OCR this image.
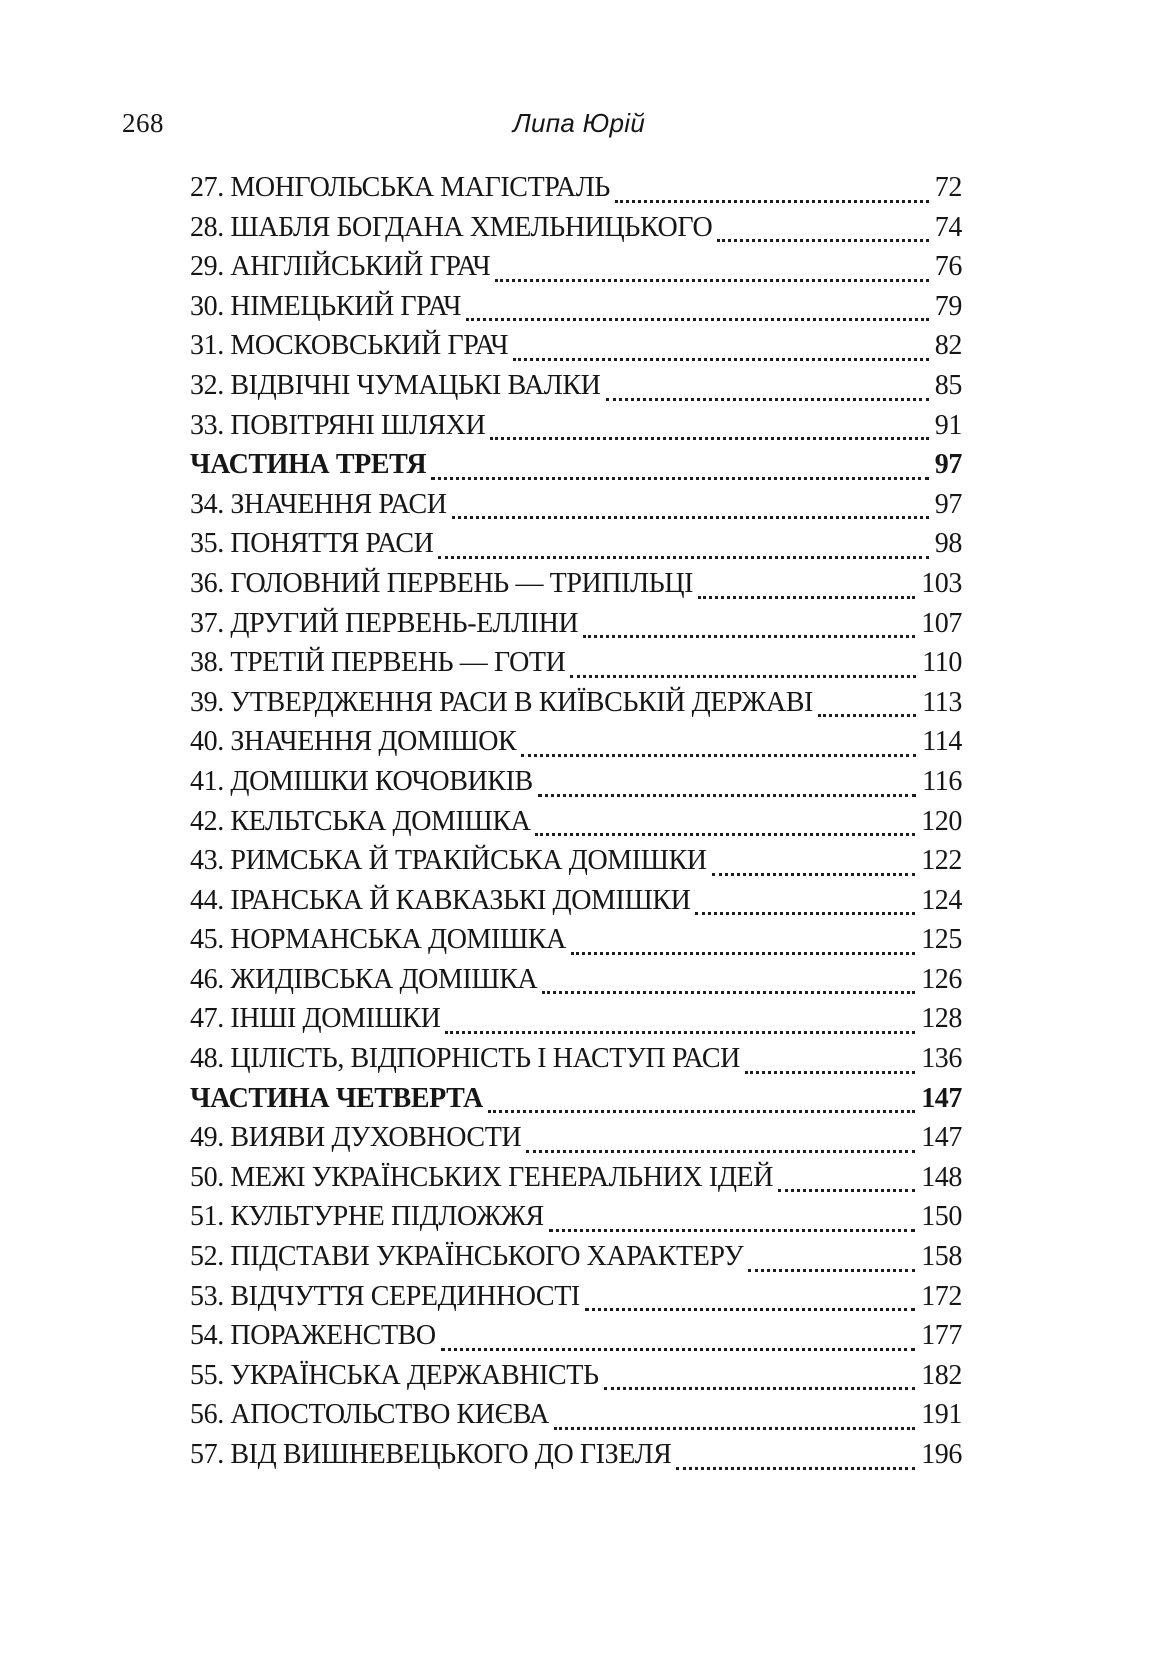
268	Липа Юрій
27. МОНГОЛЬСЬКА МАГІСТРАЛЬ	72
28. ШАБЛЯ БОГДАНА ХМЕЛЬНИЦЬКОГО	74
29. АНГЛІЙСЬКИЙ ГРАЧ	76
30. НІМЕЦЬКИЙ ГРАЧ	79
31. МОСКОВСЬКИЙ ГРАЧ	82
32. ВІДВІЧНІ ЧУМАЦЬКІ ВАЛКИ	85
33. ПОВІТРЯНІ ШЛЯХИ	91
ЧАСТИНА ТРЕТЯ	97
34. ЗНАЧЕННЯ РАСИ	97
35. ПОНЯТТЯ РАСИ	98
36. ГОЛОВНИЙ ПЕРВЕНЬ — ТРИПІЛЬЦІ	103
37. ДРУГИЙ ПЕРВЕНЬ-ЕЛЛІНИ	107
38. ТРЕТІЙ ПЕРВЕНЬ — ГОТИ	110
39. УТВЕРДЖЕННЯ РАСИ В КИЇВСЬКІЙ ДЕРЖАВІ	113
40. ЗНАЧЕННЯ ДОМІШОК	114
41. ДОМІШКИ КОЧОВИКІВ	116
42. КЕЛЬТСЬКА ДОМІШКА	120
43. РИМСЬКА Й ТРАКІЙСЬКА ДОМІШКИ	122
44. ІРАНСЬКА Й КАВКАЗЬКІ ДОМІШКИ	124
45. НОРМАНСЬКА ДОМІШКА	125
46. ЖИДІВСЬКА ДОМІШКА	126
47. ІНШІ ДОМІШКИ	128
48. ЦІЛІСТЬ, ВІДПОРНІСТЬ І НАСТУП РАСИ	136
ЧАСТИНА ЧЕТВЕРТА	147
49. ВИЯВИ ДУХОВНОСТИ	147
50. МЕЖІ УКРАЇНСЬКИХ ГЕНЕРАЛЬНИХ ІДЕЙ	148
51. КУЛЬТУРНЕ ПІДЛОЖЖЯ	150
52. ПІДСТАВИ УКРАЇНСЬКОГО ХАРАКТЕРУ	158
53. ВІДЧУТТЯ СЕРЕДИННОСТІ	172
54. ПОРАЖЕНСТВО	177
55. УКРАЇНСЬКА ДЕРЖАВНІСТЬ	182
56. АПОСТОЛЬСТВО КИЄВА	191
57. ВІД ВИШНЕВЕЦЬКОГО ДО ГІЗЕЛЯ	196
